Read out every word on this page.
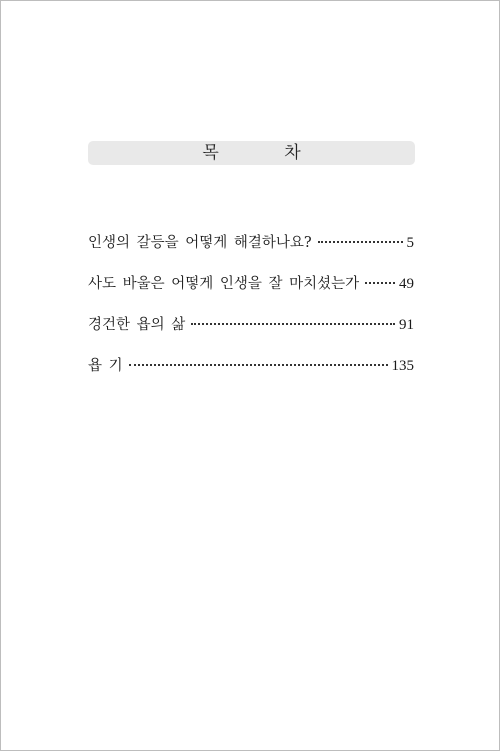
목 차
인생의 갈등을 어떻게 해결하나요?	5
사도 바울은 어떻게 인생을 잘 마치셨는가	49
경건한 욥의 삶	91
욥 기	135
